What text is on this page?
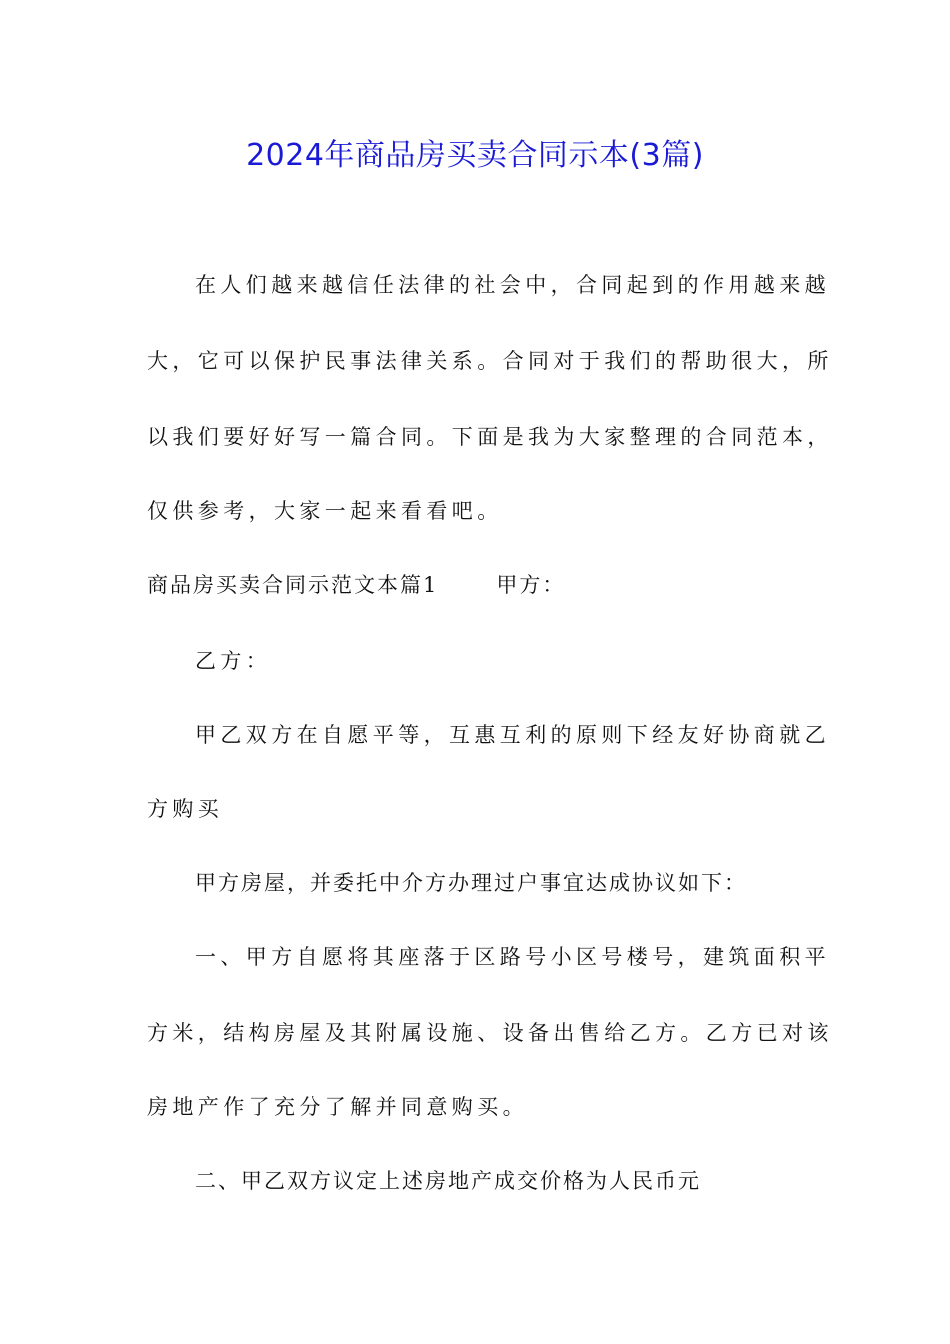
2024年商品房买卖合同示本(3篇)

在人们越来越信任法律的社会中，合同起到的作用越来越

大，它可以保护民事法律关系。合同对于我们的帮助很大，所

以我们要好好写一篇合同。下面是我为大家整理的合同范本，

仅供参考，大家一起来看看吧。

商品房买卖合同示范文本篇1	甲方：

乙方：

甲乙双方在自愿平等，互惠互利的原则下经友好协商就乙

方购买

甲方房屋，并委托中介方办理过户事宜达成协议如下：

一、甲方自愿将其座落于区路号小区号楼号，建筑面积平

方米，结构房屋及其附属设施、设备出售给乙方。乙方已对该

房地产作了充分了解并同意购买。

二、甲乙双方议定上述房地产成交价格为人民币元
